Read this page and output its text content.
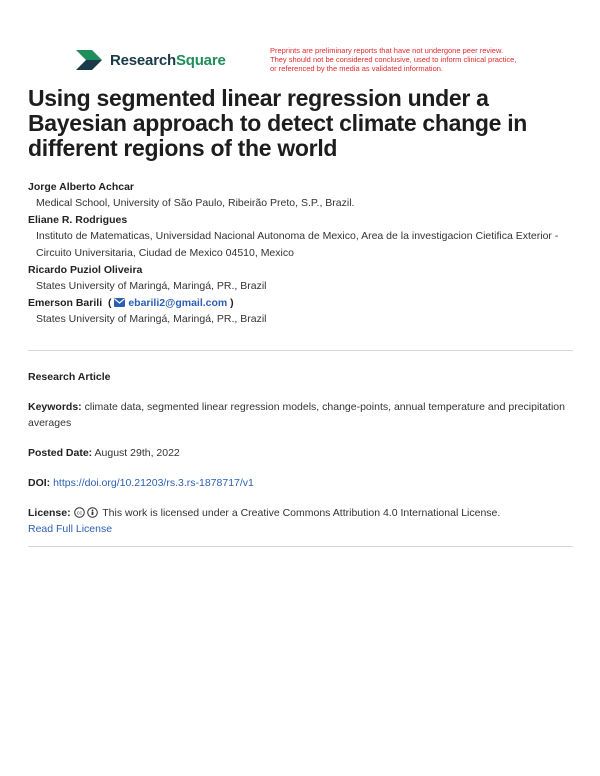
ResearchSquare
Preprints are preliminary reports that have not undergone peer review.
They should not be considered conclusive, used to inform clinical practice,
or referenced by the media as validated information.
Using segmented linear regression under a Bayesian approach to detect climate change in different regions of the world
Jorge Alberto Achcar
Medical School, University of São Paulo, Ribeirão Preto, S.P., Brazil.
Eliane R. Rodrigues
Instituto de Matematicas, Universidad Nacional Autonoma de Mexico, Area de la investigacion Cietifica Exterior - Circuito Universitaria, Ciudad de Mexico 04510, Mexico
Ricardo Puziol Oliveira
States University of Maringá, Maringá, PR., Brazil
Emerson Barili (  ebarili2@gmail.com )
States University of Maringá, Maringá, PR., Brazil
Research Article
Keywords: climate data, segmented linear regression models, change-points, annual temperature and precipitation averages
Posted Date: August 29th, 2022
DOI: https://doi.org/10.21203/rs.3.rs-1878717/v1
License: cc This work is licensed under a Creative Commons Attribution 4.0 International License.
Read Full License
